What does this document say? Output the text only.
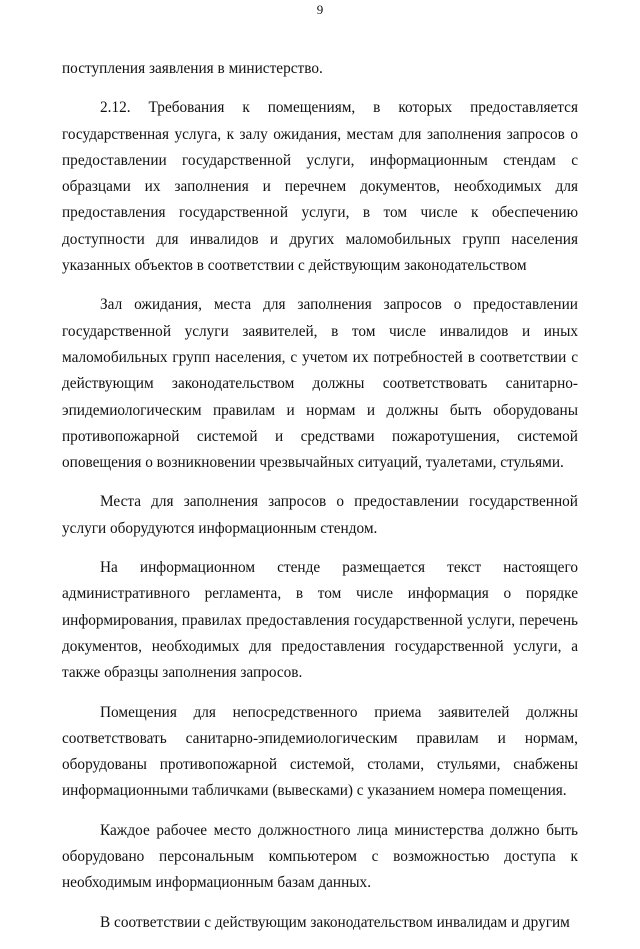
9

поступления заявления в министерство.

2.12. Требования к помещениям, в которых предоставляется государственная услуга, к залу ожидания, местам для заполнения запросов о предоставлении государственной услуги, информационным стендам с образцами их заполнения и перечнем документов, необходимых для предоставления государственной услуги, в том числе к обеспечению доступности для инвалидов и других маломобильных групп населения указанных объектов в соответствии с действующим законодательством

Зал ожидания, места для заполнения запросов о предоставлении государственной услуги заявителей, в том числе инвалидов и иных маломобильных групп населения, с учетом их потребностей в соответствии с действующим законодательством должны соответствовать санитарно-эпидемиологическим правилам и нормам и должны быть оборудованы противопожарной системой и средствами пожаротушения, системой оповещения о возникновении чрезвычайных ситуаций, туалетами, стульями.

Места для заполнения запросов о предоставлении государственной услуги оборудуются информационным стендом.

На информационном стенде размещается текст настоящего административного регламента, в том числе информация о порядке информирования, правилах предоставления государственной услуги, перечень документов, необходимых для предоставления государственной услуги, а также образцы заполнения запросов.

Помещения для непосредственного приема заявителей должны соответствовать санитарно-эпидемиологическим правилам и нормам, оборудованы противопожарной системой, столами, стульями, снабжены информационными табличками (вывесками) с указанием номера помещения.

Каждое рабочее место должностного лица министерства должно быть оборудовано персональным компьютером с возможностью доступа к необходимым информационным базам данных.

В соответствии с действующим законодательством инвалидам и другим
